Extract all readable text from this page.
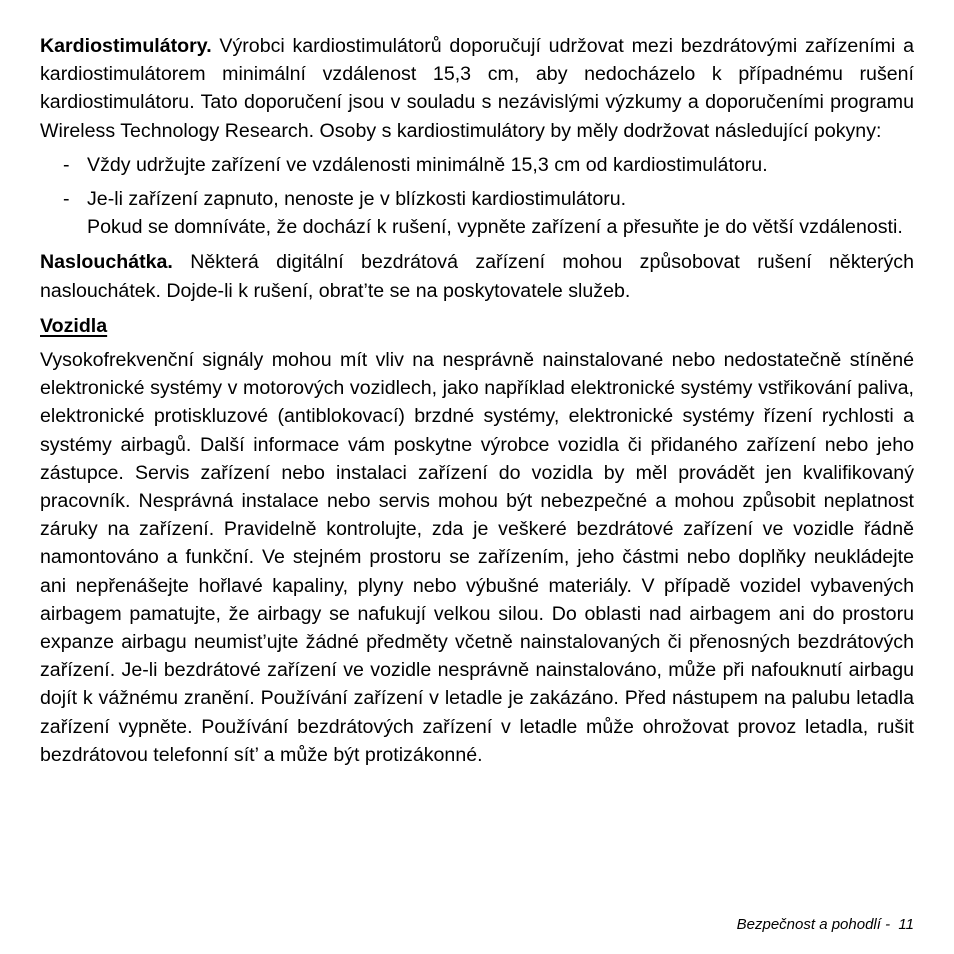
Kardiostimulátory. Výrobci kardiostimulátorů doporučují udržovat mezi bezdrátovými zařízeními a kardiostimulátorem minimální vzdálenost 15,3 cm, aby nedocházelo k případnému rušení kardiostimulátoru. Tato doporučení jsou v souladu s nezávislými výzkumy a doporučeními programu Wireless Technology Research. Osoby s kardiostimulátory by měly dodržovat následující pokyny:

- Vždy udržujte zařízení ve vzdálenosti minimálně 15,3 cm od kardiostimulátoru.
- Je-li zařízení zapnuto, nenoste je v blízkosti kardiostimulátoru.
Pokud se domníváte, že dochází k rušení, vypněte zařízení a přesuňte je do větší vzdálenosti.

Naslouchátka. Některá digitální bezdrátová zařízení mohou způsobovat rušení některých naslouchátek. Dojde-li k rušení, obrat’te se na poskytovatele služeb.

Vozidla

Vysokofrekvenční signály mohou mít vliv na nesprávně nainstalované nebo nedostatečně stíněné elektronické systémy v motorových vozidlech, jako například elektronické systémy vstřikování paliva, elektronické protiskluzové (antiblokovací) brzdné systémy, elektronické systémy řízení rychlosti a systémy airbagů. Další informace vám poskytne výrobce vozidla či přidaného zařízení nebo jeho zástupce. Servis zařízení nebo instalaci zařízení do vozidla by měl provádět jen kvalifikovaný pracovník. Nesprávná instalace nebo servis mohou být nebezpečné a mohou způsobit neplatnost záruky na zařízení. Pravidelně kontrolujte, zda je veškeré bezdrátové zařízení ve vozidle řádně namontováno a funkční. Ve stejném prostoru se zařízením, jeho částmi nebo doplňky neukládejte ani nepřenášejte hořlavé kapaliny, plyny nebo výbušné materiály. V případě vozidel vybavených airbagem pamatujte, že airbagy se nafukují velkou silou. Do oblasti nad airbagem ani do prostoru expanze airbagu neumist’ujte žádné předměty včetně nainstalovaných či přenosných bezdrátových zařízení. Je-li bezdrátové zařízení ve vozidle nesprávně nainstalováno, může při nafouknutí airbagu dojít k vážnému zranění. Používání zařízení v letadle je zakázáno. Před nástupem na palubu letadla zařízení vypněte. Používání bezdrátových zařízení v letadle může ohrožovat provoz letadla, rušit bezdrátovou telefonní sít’ a může být protizákonné.

Bezpečnost a pohodlí - 11
